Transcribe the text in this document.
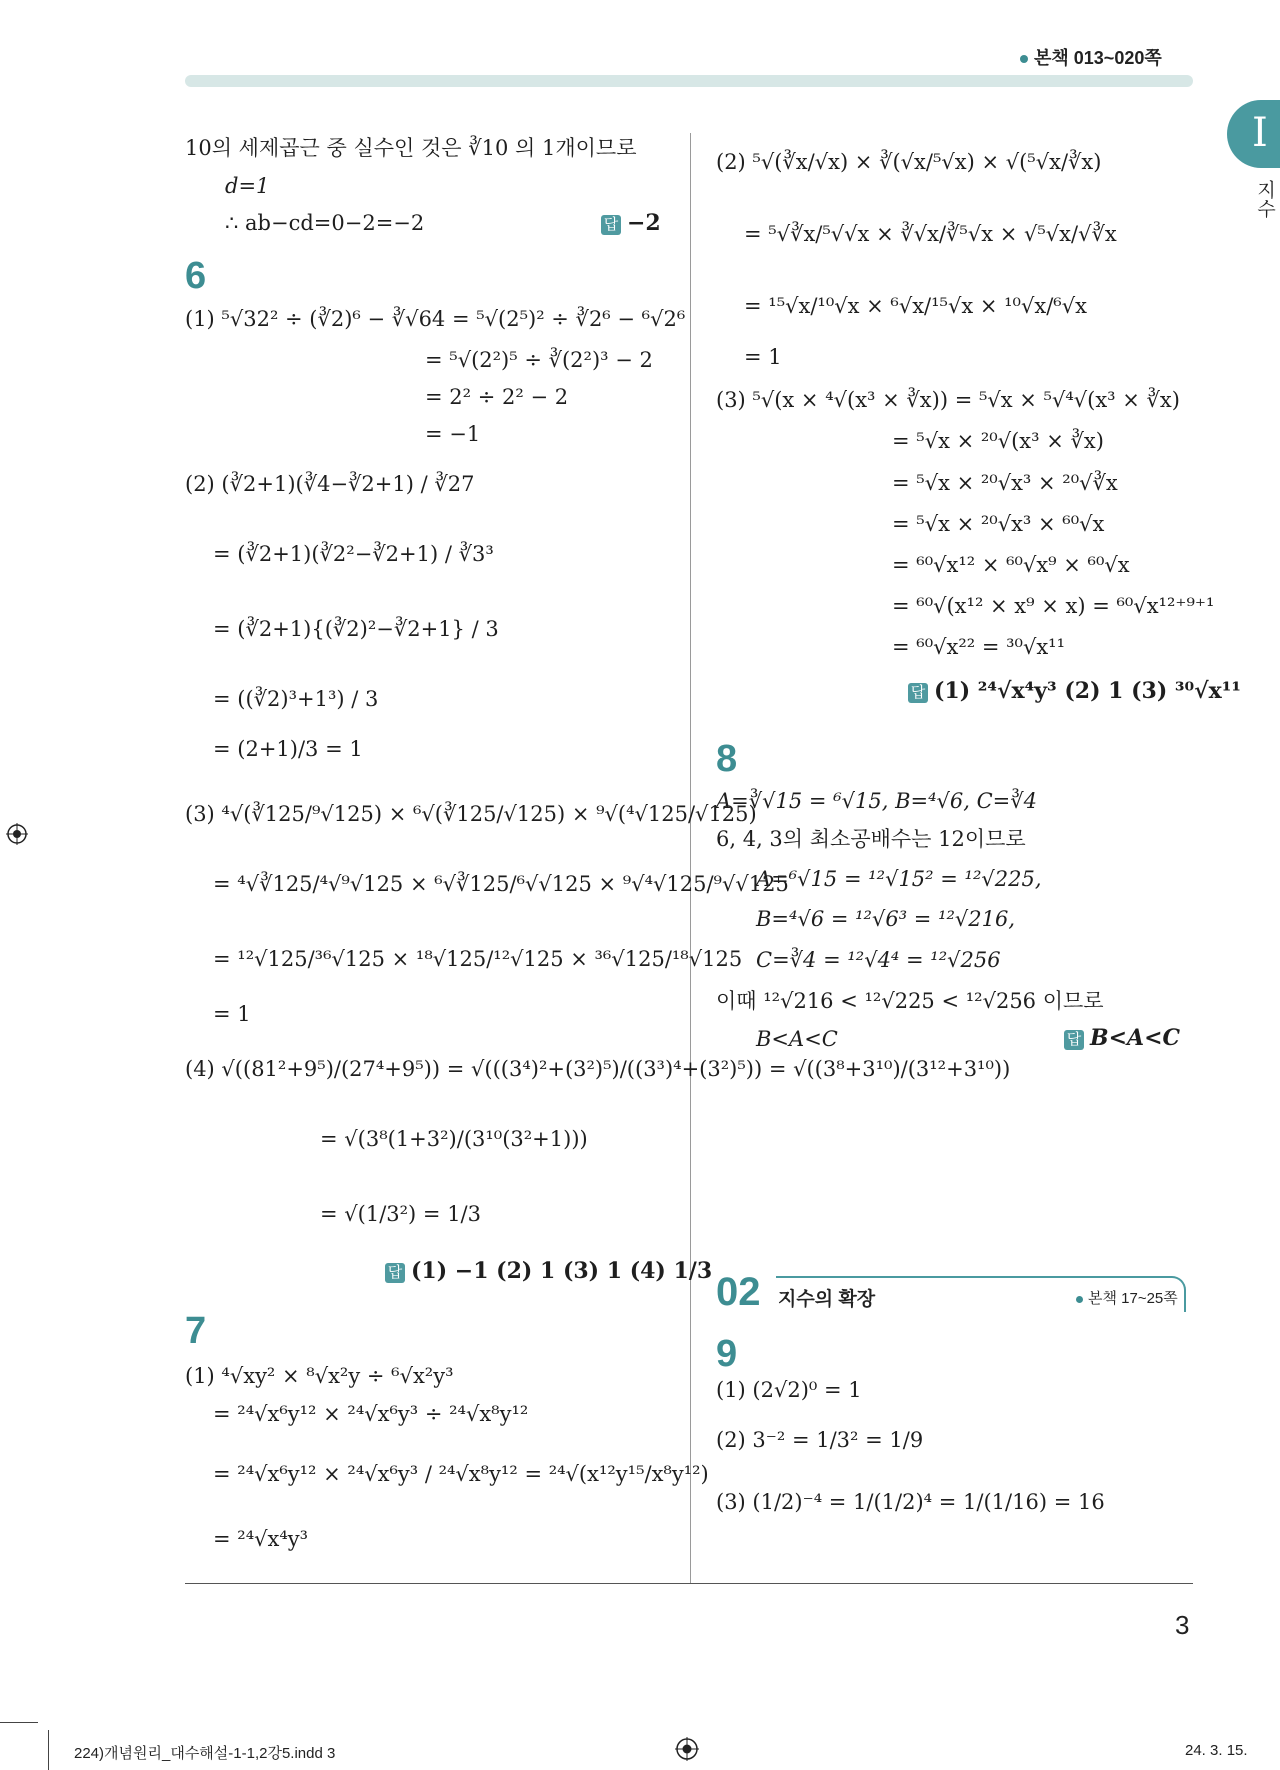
본책 013~020쪽
I
지수
10의 세제곱근 중 실수인 것은 ∛10 의 1개이므로
d=1
∴ ab−cd=0−2=−2	답 −2
6
(1) ⁵√32² ÷ (∛2)⁶ − ∛√64 = ⁵√(2⁵)² ÷ ∛2⁶ − ⁶√2⁶
= ⁵√(2²)⁵ ÷ ∛(2²)³ − 2
= 2² ÷ 2² − 2
= −1
(2) (∛2+1)(∛4−∛2+1) / ∛27
= (∛2+1)(∛2²−∛2+1) / ∛3³
= (∛2+1){(∛2)²−∛2+1} / 3
= ((∛2)³+1³) / 3
= (2+1)/3 = 1
(3) ⁴√(∛125/⁹√125) × ⁶√(∛125/√125) × ⁹√(⁴√125/√125)
= ⁴√∛125/⁴√⁹√125 × ⁶√∛125/⁶√√125 × ⁹√⁴√125/⁹√√125
= ¹²√125/³⁶√125 × ¹⁸√125/¹²√125 × ³⁶√125/¹⁸√125
= 1
(4) √((81²+9⁵)/(27⁴+9⁵)) = √(((3⁴)²+(3²)⁵)/((3³)⁴+(3²)⁵)) = √((3⁸+3¹⁰)/(3¹²+3¹⁰))
= √(3⁸(1+3²)/(3¹⁰(3²+1)))
= √(1/3²) = 1/3
답 (1) −1 (2) 1 (3) 1 (4) 1/3
7
(1) ⁴√xy² × ⁸√x²y ÷ ⁶√x²y³
= ²⁴√x⁶y¹² × ²⁴√x⁶y³ ÷ ²⁴√x⁸y¹²
= ²⁴√x⁶y¹² × ²⁴√x⁶y³ / ²⁴√x⁸y¹² = ²⁴√(x¹²y¹⁵/x⁸y¹²)
= ²⁴√x⁴y³
(2) ⁵√(∛x/√x) × ∛(√x/⁵√x) × √(⁵√x/∛x)
= ⁵√∛x/⁵√√x × ∛√x/∛⁵√x × √⁵√x/√∛x
= ¹⁵√x/¹⁰√x × ⁶√x/¹⁵√x × ¹⁰√x/⁶√x
= 1
(3) ⁵√(x × ⁴√(x³ × ∛x)) = ⁵√x × ⁵√⁴√(x³ × ∛x)
= ⁵√x × ²⁰√(x³ × ∛x)
= ⁵√x × ²⁰√x³ × ²⁰√∛x
= ⁵√x × ²⁰√x³ × ⁶⁰√x
= ⁶⁰√x¹² × ⁶⁰√x⁹ × ⁶⁰√x
= ⁶⁰√(x¹² × x⁹ × x) = ⁶⁰√x¹²⁺⁹⁺¹
= ⁶⁰√x²² = ³⁰√x¹¹
답 (1) ²⁴√x⁴y³ (2) 1 (3) ³⁰√x¹¹
8
A=∛√15 = ⁶√15, B=⁴√6, C=∛4
6, 4, 3의 최소공배수는 12이므로
A=⁶√15 = ¹²√15² = ¹²√225,
B=⁴√6 = ¹²√6³ = ¹²√216,
C=∛4 = ¹²√4⁴ = ¹²√256
이때 ¹²√216 < ¹²√225 < ¹²√256 이므로
B<A<C	답 B<A<C
02 지수의 확장	본책 17~25쪽
9
(1) (2√2)⁰ = 1
(2) 3⁻² = 1/3² = 1/9
(3) (1/2)⁻⁴ = 1/(1/2)⁴ = 1/(1/16) = 16
3
224)개념원리_대수해설-1-1,2강5.indd 3	24. 3. 15.
